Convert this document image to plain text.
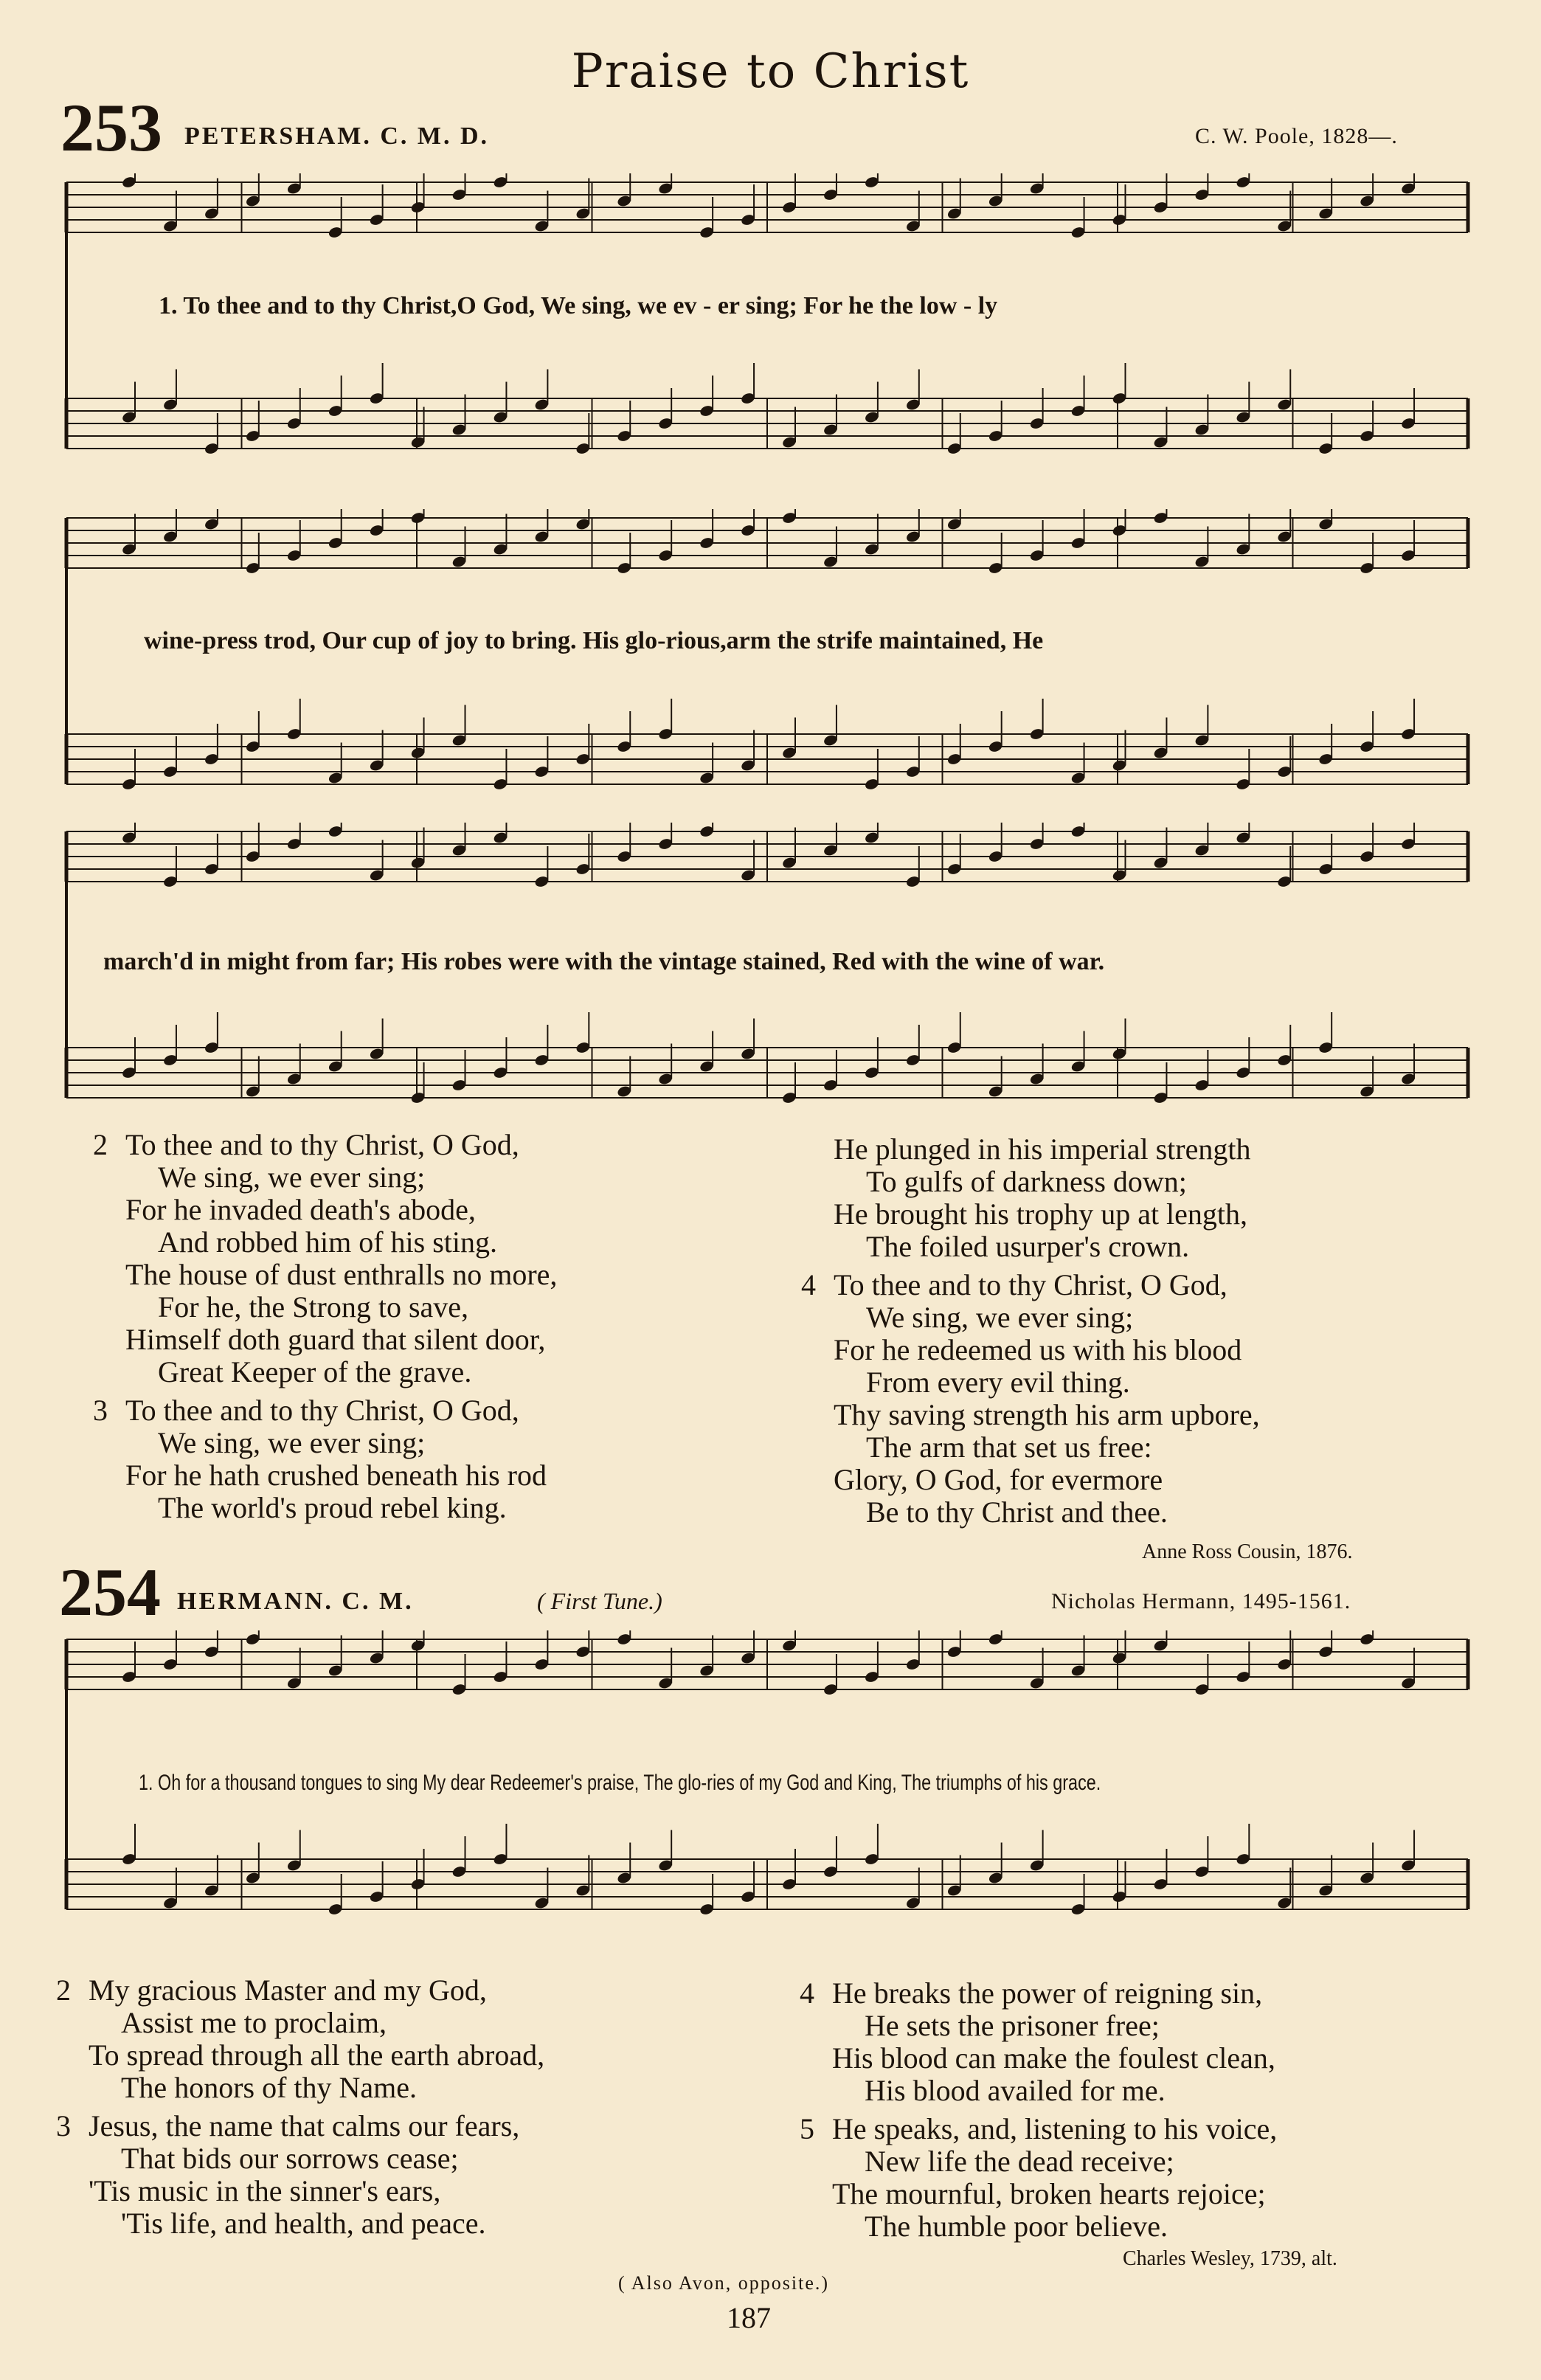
Praise to Christ
253 PETERSHAM. C. M. D.	C. W. Poole, 1828—.
1. To thee and to thy Christ,O God, We sing, we ev - er sing; For he the low - ly
wine-press trod, Our cup of joy to bring. His glo-rious,arm the strife maintained, He
march'd in might from far; His robes were with the vintage stained, Red with the wine of war.
2 To thee and to thy Christ, O God,
We sing, we ever sing;
For he invaded death's abode,
And robbed him of his sting.
The house of dust enthralls no more,
For he, the Strong to save,
Himself doth guard that silent door,
Great Keeper of the grave.
3 To thee and to thy Christ, O God,
We sing, we ever sing;
For he hath crushed beneath his rod
The world's proud rebel king.
He plunged in his imperial strength
To gulfs of darkness down;
He brought his trophy up at length,
The foiled usurper's crown.
4 To thee and to thy Christ, O God,
We sing, we ever sing;
For he redeemed us with his blood
From every evil thing.
Thy saving strength his arm upbore,
The arm that set us free:
Glory, O God, for evermore
Be to thy Christ and thee.
Anne Ross Cousin, 1876.
254 HERMANN. C. M.	( First Tune.)	Nicholas Hermann, 1495-1561.
1. Oh for a thousand tongues to sing My dear Redeemer's praise, The glo-ries of my God and King, The triumphs of his grace.
2 My gracious Master and my God,
Assist me to proclaim,
To spread through all the earth abroad,
The honors of thy Name.
3 Jesus, the name that calms our fears,
That bids our sorrows cease;
'Tis music in the sinner's ears,
'Tis life, and health, and peace.
4 He breaks the power of reigning sin,
He sets the prisoner free;
His blood can make the foulest clean,
His blood availed for me.
5 He speaks, and, listening to his voice,
New life the dead receive;
The mournful, broken hearts rejoice;
The humble poor believe.
Charles Wesley, 1739, alt.
( Also Avon, opposite.)
187
